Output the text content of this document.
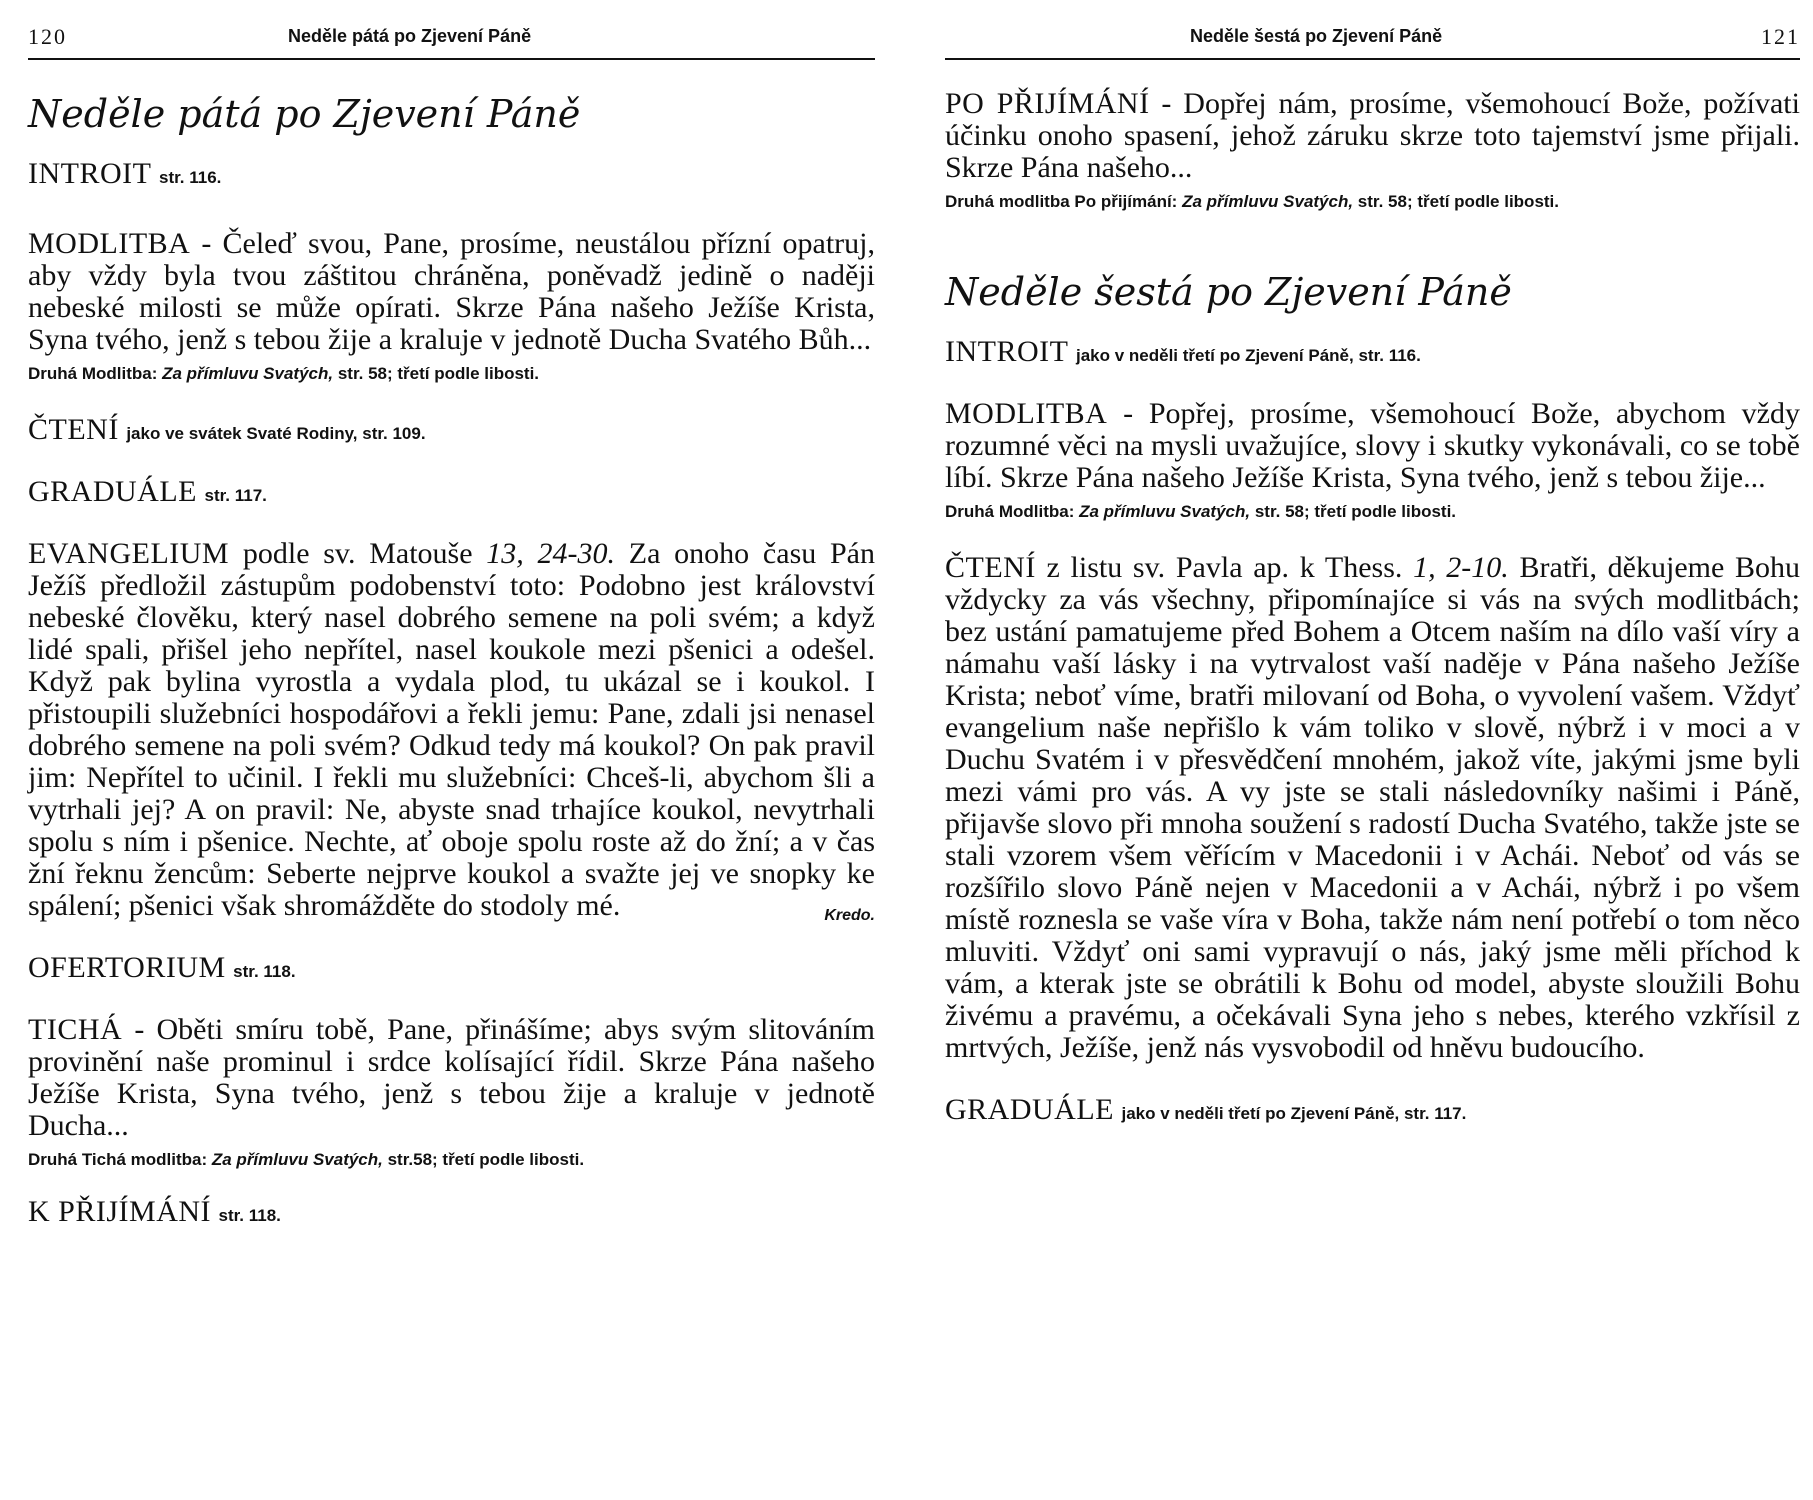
120	Neděle pátá po Zjevení Páně
Neděle pátá po Zjevení Páně

INTROIT str. 116.

MODLITBA - Čeleď svou, Pane, prosíme, neustálou přízní opatruj, aby vždy byla tvou záštitou chráněna, poněvadž jedině o naději nebeské milosti se může opírati. Skrze Pána našeho Ježíše Krista, Syna tvého, jenž s tebou žije a kraluje v jednotě Ducha Svatého Bůh...

Druhá Modlitba: Za přímluvu Svatých, str. 58; třetí podle libosti.

ČTENÍ jako ve svátek Svaté Rodiny, str. 109.

GRADUÁLE str. 117.

EVANGELIUM podle sv. Matouše 13, 24-30. Za onoho času Pán Ježíš předložil zástupům podobenství toto: Podobno jest království nebeské člověku, který nasel dobrého semene na poli svém; a když lidé spali, přišel jeho nepřítel, nasel koukole mezi pšenici a odešel. Když pak bylina vyrostla a vydala plod, tu ukázal se i koukol. I přistoupili služebníci hospodářovi a řekli jemu: Pane, zdali jsi nenasel dobrého semene na poli svém? Odkud tedy má koukol? On pak pravil jim: Nepřítel to učinil. I řekli mu služebníci: Chceš-li, abychom šli a vytrhali jej? A on pravil: Ne, abyste snad trhajíce koukol, nevytrhali spolu s ním i pšenice. Nechte, ať oboje spolu roste až do žní; a v čas žní řeknu žencům: Seberte nejprve koukol a svažte jej ve snopky ke spálení; pšenici však shromážděte do stodoly mé.	Kredo.

OFERTORIUM str. 118.

TICHÁ - Oběti smíru tobě, Pane, přinášíme; abys svým slitováním provinění naše prominul i srdce kolísající řídil. Skrze Pána našeho Ježíše Krista, Syna tvého, jenž s tebou žije a kraluje v jednotě Ducha...

Druhá Tichá modlitba: Za přímluvu Svatých, str.58; třetí podle libosti.

K PŘIJÍMÁNÍ str. 118.

Neděle šestá po Zjevení Páně	121

PO PŘIJÍMÁNÍ - Dopřej nám, prosíme, všemohoucí Bože, požívati účinku onoho spasení, jehož záruku skrze toto tajemství jsme přijali. Skrze Pána našeho...

Druhá modlitba Po přijímání: Za přímluvu Svatých, str. 58; třetí podle libosti.

Neděle šestá po Zjevení Páně

INTROIT jako v neděli třetí po Zjevení Páně, str. 116.

MODLITBA - Popřej, prosíme, všemohoucí Bože, abychom vždy rozumné věci na mysli uvažujíce, slovy i skutky vykonávali, co se tobě líbí. Skrze Pána našeho Ježíše Krista, Syna tvého, jenž s tebou žije...

Druhá Modlitba: Za přímluvu Svatých, str. 58; třetí podle libosti.

ČTENÍ z listu sv. Pavla ap. k Thess. 1, 2-10. Bratři, děkujeme Bohu vždycky za vás všechny, připomínajíce si vás na svých modlitbách; bez ustání pamatujeme před Bohem a Otcem naším na dílo vaší víry a námahu vaší lásky i na vytrvalost vaší naděje v Pána našeho Ježíše Krista; neboť víme, bratři milovaní od Boha, o vyvolení vašem. Vždyť evangelium naše nepřišlo k vám toliko v slově, nýbrž i v moci a v Duchu Svatém i v přesvědčení mnohém, jakož víte, jakými jsme byli mezi vámi pro vás. A vy jste se stali následovníky našimi i Páně, přijavše slovo při mnoha soužení s radostí Ducha Svatého, takže jste se stali vzorem všem věřícím v Macedonii i v Achái. Neboť od vás se rozšířilo slovo Páně nejen v Macedonii a v Achái, nýbrž i po všem místě roznesla se vaše víra v Boha, takže nám není potřebí o tom něco mluviti. Vždyť oni sami vypravují o nás, jaký jsme měli příchod k vám, a kterak jste se obrátili k Bohu od model, abyste sloužili Bohu živému a pravému, a očekávali Syna jeho s nebes, kterého vzkřísil z mrtvých, Ježíše, jenž nás vysvobodil od hněvu budoucího.

GRADUÁLE jako v neděli třetí po Zjevení Páně, str. 117.
